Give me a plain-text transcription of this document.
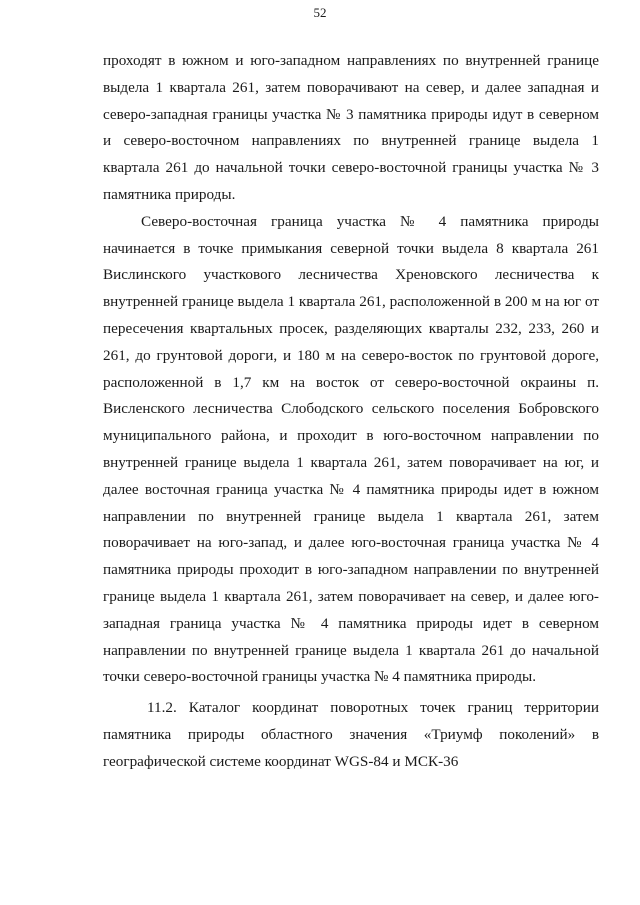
52

проходят в южном и юго-западном направлениях по внутренней границе выдела 1 квартала 261, затем поворачивают на север, и далее западная и северо-западная границы участка № 3 памятника природы идут в северном и северо-восточном направлениях по внутренней границе выдела 1 квартала 261 до начальной точки северо-восточной границы участка № 3 памятника природы.

Северо-восточная граница участка № 4 памятника природы начинается в точке примыкания северной точки выдела 8 квартала 261 Вислинского участкового лесничества Хреновского лесничества к внутренней границе выдела 1 квартала 261, расположенной в 200 м на юг от пересечения квартальных просек, разделяющих кварталы 232, 233, 260 и 261, до грунтовой дороги, и 180 м на северо-восток по грунтовой дороге, расположенной в 1,7 км на восток от северо-восточной окраины п. Висленского лесничества Слободского сельского поселения Бобровского муниципального района, и проходит в юго-восточном направлении по внутренней границе выдела 1 квартала 261, затем поворачивает на юг, и далее восточная граница участка № 4 памятника природы идет в южном направлении по внутренней границе выдела 1 квартала 261, затем поворачивает на юго-запад, и далее юго-восточная граница участка № 4 памятника природы проходит в юго-западном направлении по внутренней границе выдела 1 квартала 261, затем поворачивает на север, и далее юго-западная граница участка № 4 памятника природы идет в северном направлении по внутренней границе выдела 1 квартала 261 до начальной точки северо-восточной границы участка № 4 памятника природы.

11.2. Каталог координат поворотных точек границ территории памятника природы областного значения «Триумф поколений» в географической системе координат WGS-84 и МСК-36
